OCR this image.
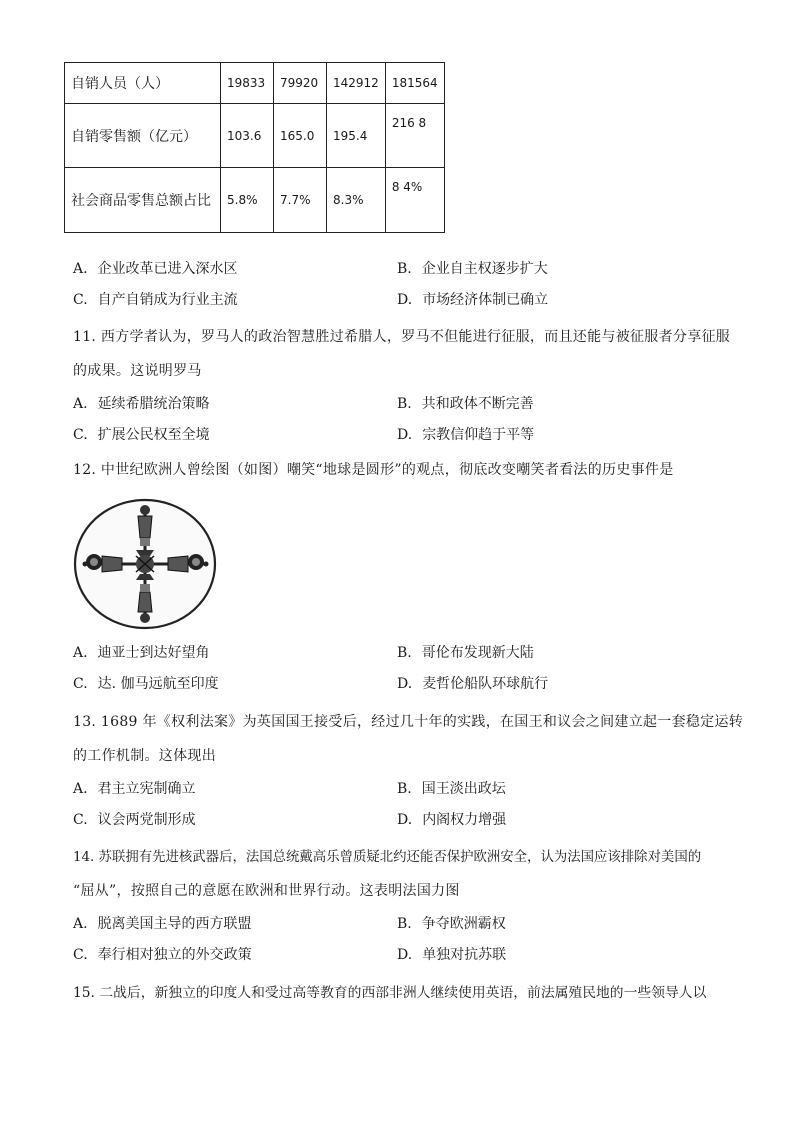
自销人员（人）	19833	79920	142912	181564
自销零售额（亿元）	103.6	165.0	195.4	216 8
社会商品零售总额占比	5.8%	7.7%	8.3%	8 4%
A. 企业改革已进入深水区	B. 企业自主权逐步扩大
C. 自产自销成为行业主流	D. 市场经济体制已确立
11. 西方学者认为，罗马人的政治智慧胜过希腊人，罗马不但能进行征服，而且还能与被征服者分享征服
的成果。这说明罗马
A. 延续希腊统治策略	B. 共和政体不断完善
C. 扩展公民权至全境	D. 宗教信仰趋于平等
12. 中世纪欧洲人曾绘图（如图）嘲笑“地球是圆形”的观点，彻底改变嘲笑者看法的历史事件是
A. 迪亚士到达好望角	B. 哥伦布发现新大陆
C. 达. 伽马远航至印度	D. 麦哲伦船队环球航行
13. 1689 年《权利法案》为英国国王接受后，经过几十年的实践，在国王和议会之间建立起一套稳定运转
的工作机制。这体现出
A. 君主立宪制确立	B. 国王淡出政坛
C. 议会两党制形成	D. 内阁权力增强
14. 苏联拥有先进核武器后，法国总统戴高乐曾质疑北约还能否保护欧洲安全，认为法国应该排除对美国的
“屈从”，按照自己的意愿在欧洲和世界行动。这表明法国力图
A. 脱离美国主导的西方联盟	B. 争夺欧洲霸权
C. 奉行相对独立的外交政策	D. 单独对抗苏联
15. 二战后，新独立的印度人和受过高等教育的西部非洲人继续使用英语，前法属殖民地的一些领导人以
